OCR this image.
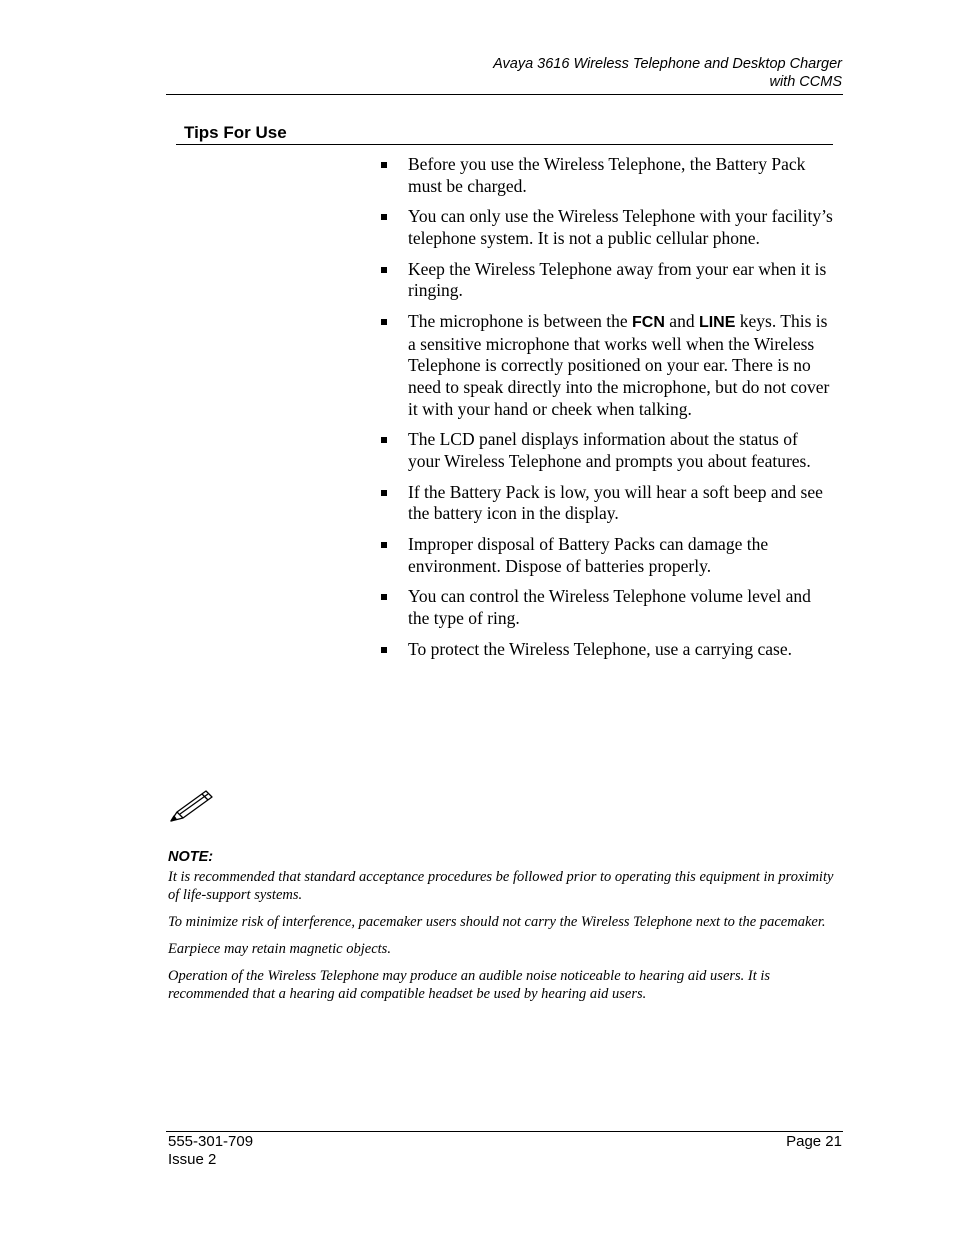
Avaya 3616 Wireless Telephone and Desktop Charger
with CCMS
Tips For Use
Before you use the Wireless Telephone, the Battery Pack must be charged.
You can only use the Wireless Telephone with your facility’s telephone system. It is not a public cellular phone.
Keep the Wireless Telephone away from your ear when it is ringing.
The microphone is between the FCN and LINE keys. This is a sensitive microphone that works well when the Wireless Telephone is correctly positioned on your ear. There is no need to speak directly into the microphone, but do not cover it with your hand or cheek when talking.
The LCD panel displays information about the status of your Wireless Telephone and prompts you about features.
If the Battery Pack is low, you will hear a soft beep and see the battery icon in the display.
Improper disposal of Battery Packs can damage the environment. Dispose of batteries properly.
You can control the Wireless Telephone volume level and the type of ring.
To protect the Wireless Telephone, use a carrying case.
NOTE:

It is recommended that standard acceptance procedures be followed prior to operating this equipment in proximity of life-support systems.

To minimize risk of interference, pacemaker users should not carry the Wireless Telephone next to the pacemaker.

Earpiece may retain magnetic objects.

Operation of the Wireless Telephone may produce an audible noise noticeable to hearing aid users. It is recommended that a hearing aid compatible headset be used by hearing aid users.

555-301-709
Issue 2
Page 21
